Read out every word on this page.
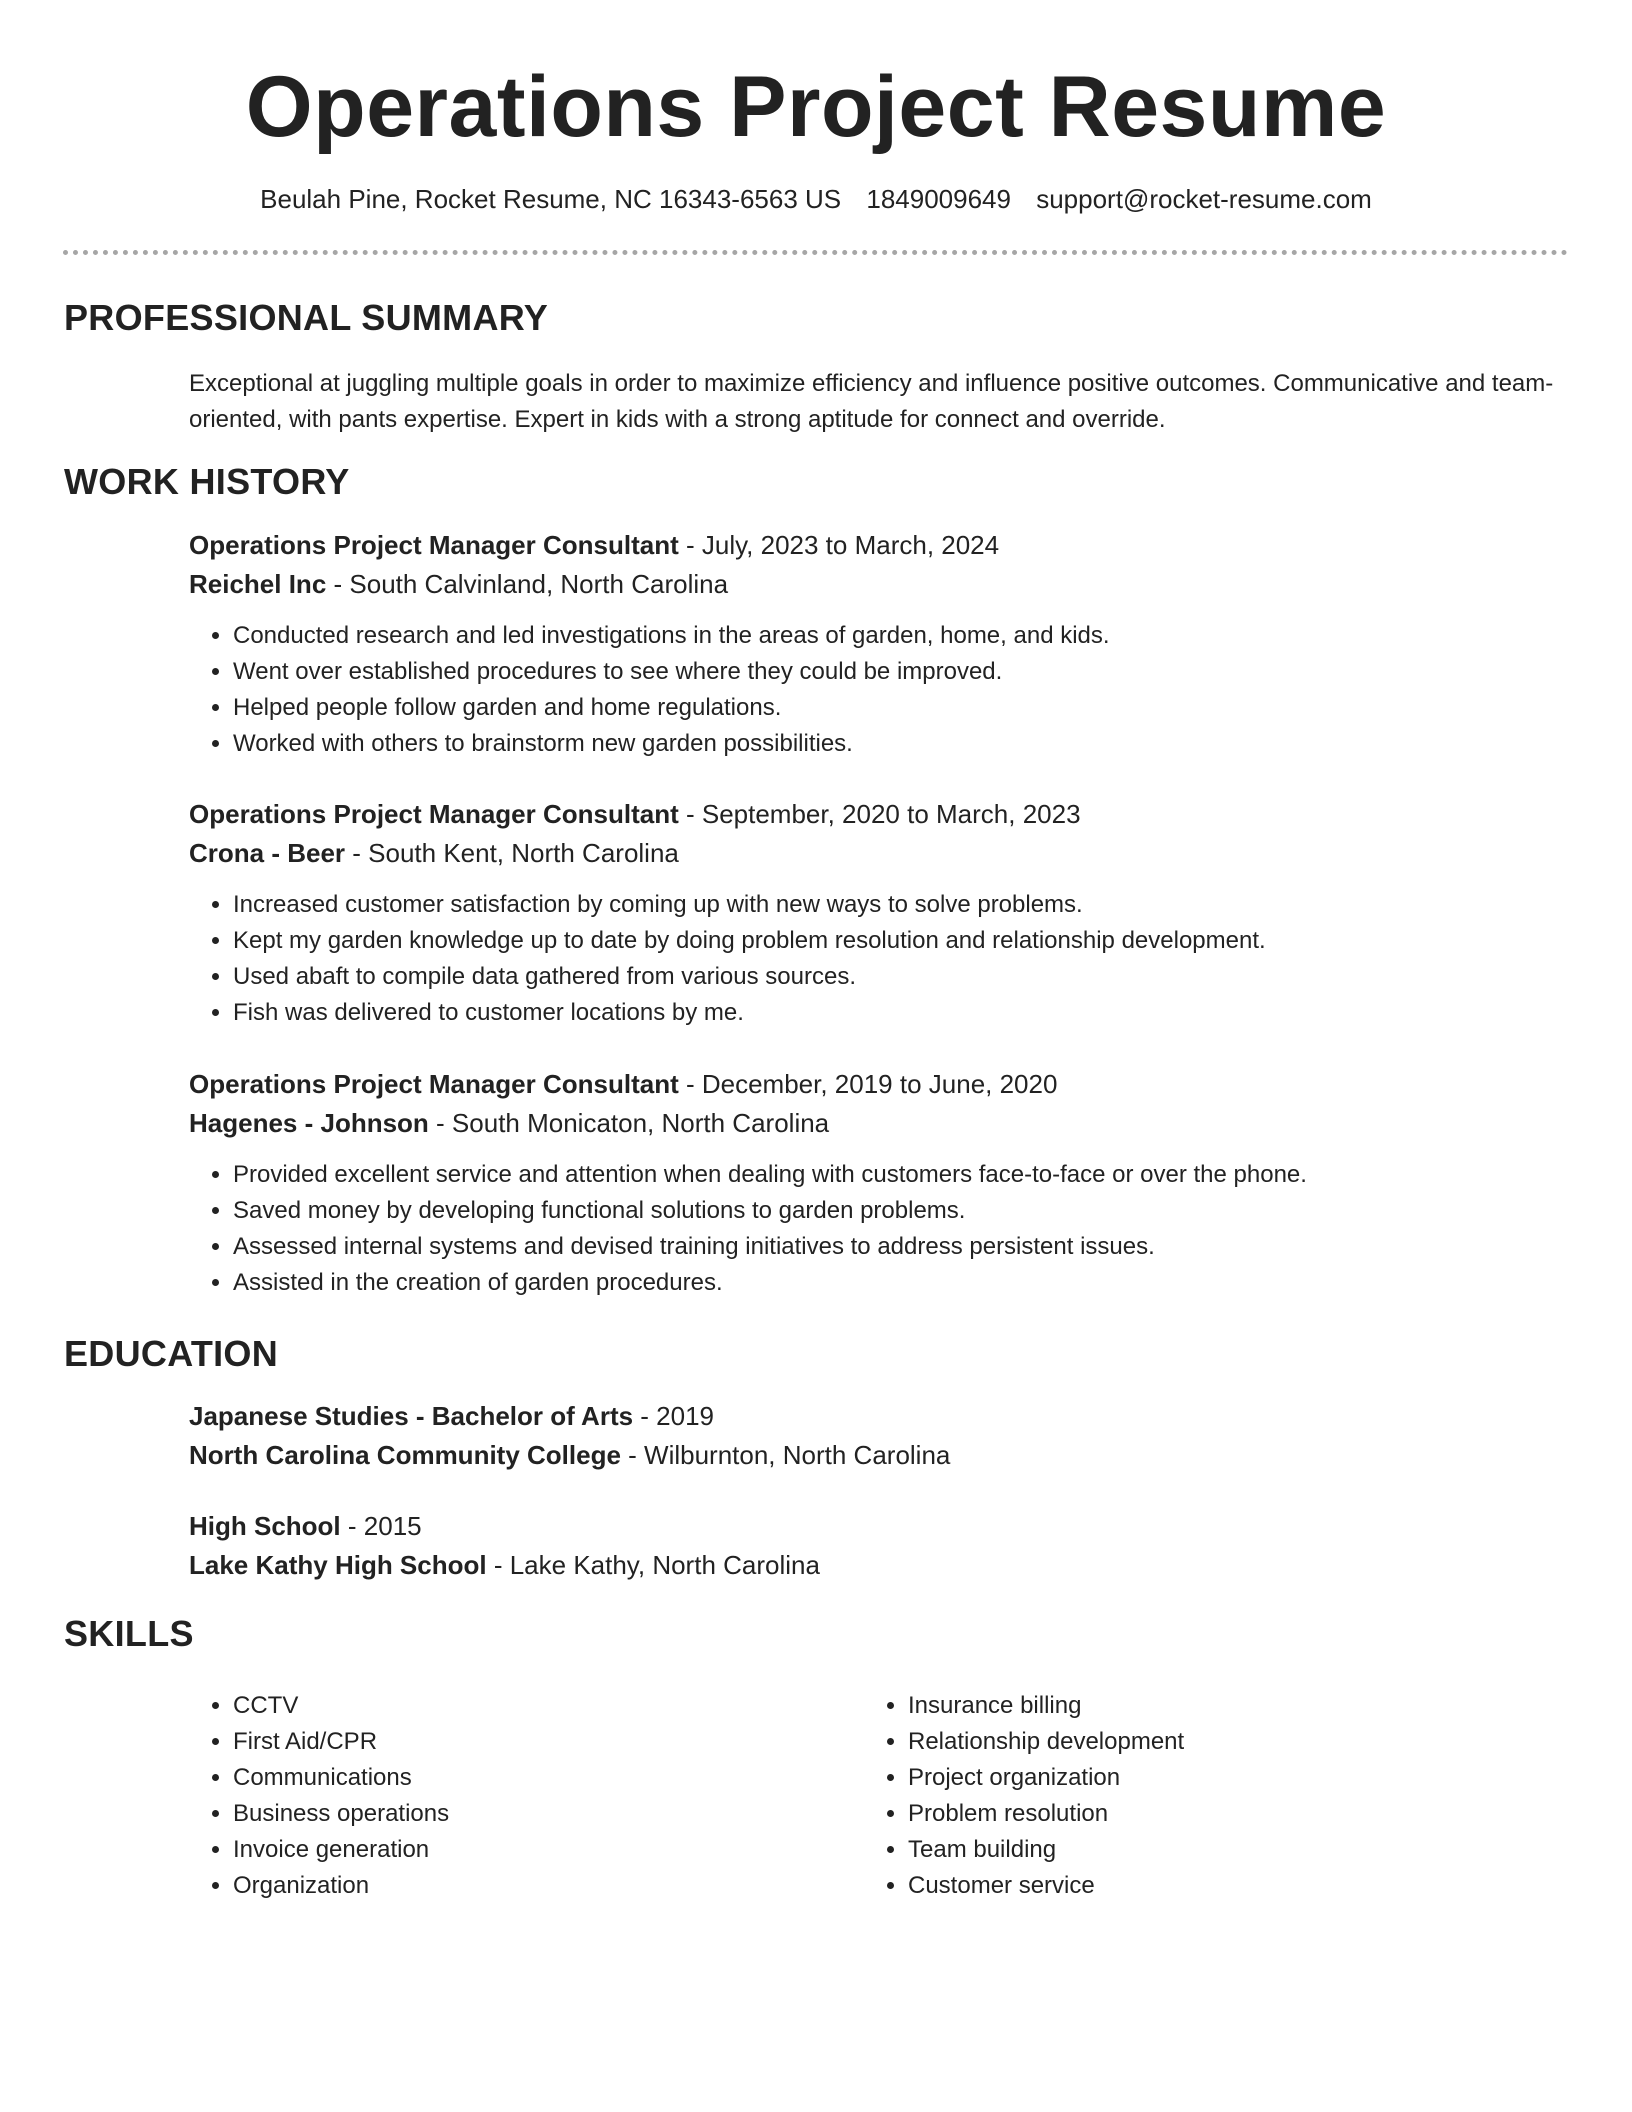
Operations Project Resume
Beulah Pine, Rocket Resume, NC 16343-6563 US 1849009649 support@rocket-resume.com
PROFESSIONAL SUMMARY
Exceptional at juggling multiple goals in order to maximize efficiency and influence positive outcomes. Communicative and team-oriented, with pants expertise. Expert in kids with a strong aptitude for connect and override.
WORK HISTORY
Operations Project Manager Consultant - July, 2023 to March, 2024
Reichel Inc - South Calvinland, North Carolina
• Conducted research and led investigations in the areas of garden, home, and kids.
• Went over established procedures to see where they could be improved.
• Helped people follow garden and home regulations.
• Worked with others to brainstorm new garden possibilities.
Operations Project Manager Consultant - September, 2020 to March, 2023
Crona - Beer - South Kent, North Carolina
• Increased customer satisfaction by coming up with new ways to solve problems.
• Kept my garden knowledge up to date by doing problem resolution and relationship development.
• Used abaft to compile data gathered from various sources.
• Fish was delivered to customer locations by me.
Operations Project Manager Consultant - December, 2019 to June, 2020
Hagenes - Johnson - South Monicaton, North Carolina
• Provided excellent service and attention when dealing with customers face-to-face or over the phone.
• Saved money by developing functional solutions to garden problems.
• Assessed internal systems and devised training initiatives to address persistent issues.
• Assisted in the creation of garden procedures.
EDUCATION
Japanese Studies - Bachelor of Arts - 2019
North Carolina Community College - Wilburnton, North Carolina
High School - 2015
Lake Kathy High School - Lake Kathy, North Carolina
SKILLS
• CCTV
• First Aid/CPR
• Communications
• Business operations
• Invoice generation
• Organization
• Insurance billing
• Relationship development
• Project organization
• Problem resolution
• Team building
• Customer service
